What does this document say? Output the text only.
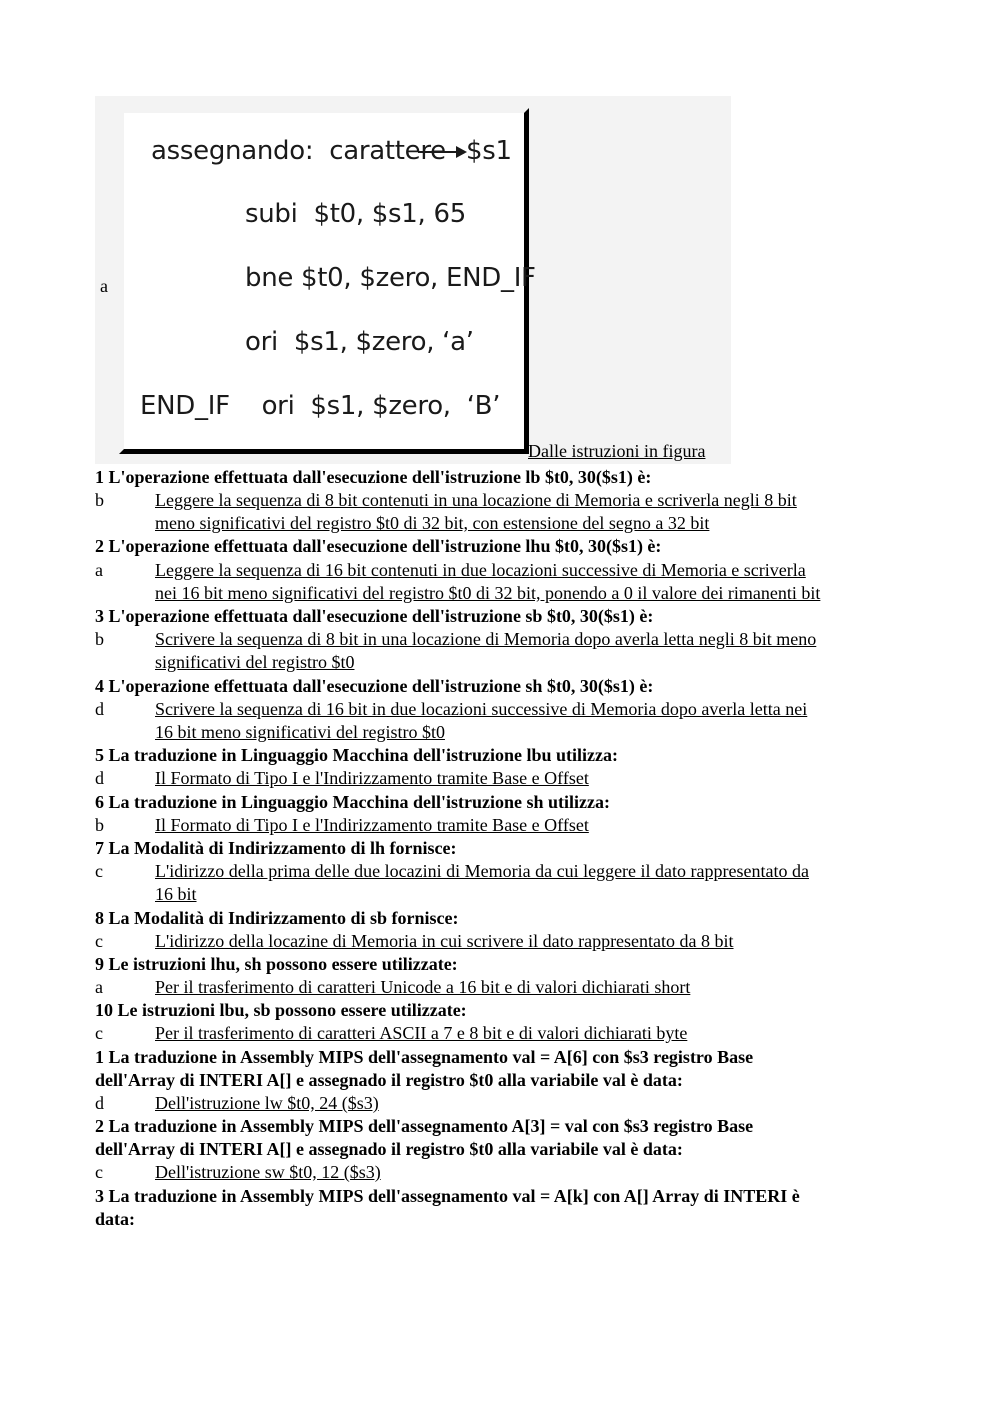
a
assegnando:  carattere $s1
subi  $t0, $s1, 65
bne $t0, $zero, END_IF
ori  $s1, $zero, ‘a’
END_IF    ori  $s1, $zero,  ‘B’
Dalle istruzioni in figura
1 L'operazione effettuata dall'esecuzione dell'istruzione lb $t0, 30($s1) è:
b	Leggere la sequenza di 8 bit contenuti in una locazione di Memoria e scriverla negli 8 bit
meno significativi del registro $t0 di 32 bit, con estensione del segno a 32 bit
2 L'operazione effettuata dall'esecuzione dell'istruzione lhu $t0, 30($s1) è:
a	Leggere la sequenza di 16 bit contenuti in due locazioni successive di Memoria e scriverla
nei 16 bit meno significativi del registro $t0 di 32 bit, ponendo a 0 il valore dei rimanenti bit
3 L'operazione effettuata dall'esecuzione dell'istruzione sb $t0, 30($s1) è:
b	Scrivere la sequenza di 8 bit in una locazione di Memoria dopo averla letta negli 8 bit meno
significativi del registro $t0
4 L'operazione effettuata dall'esecuzione dell'istruzione sh $t0, 30($s1) è:
d	Scrivere la sequenza di 16 bit in due locazioni successive di Memoria dopo averla letta nei
16 bit meno significativi del registro $t0
5 La traduzione in Linguaggio Macchina dell'istruzione lbu utilizza:
d	Il Formato di Tipo I e l'Indirizzamento tramite Base e Offset
6 La traduzione in Linguaggio Macchina dell'istruzione sh utilizza:
b	Il Formato di Tipo I e l'Indirizzamento tramite Base e Offset
7 La Modalità di Indirizzamento di lh fornisce:
c	L'idirizzo della prima delle due locazini di Memoria da cui leggere il dato rappresentato da
16 bit
8 La Modalità di Indirizzamento di sb fornisce:
c	L'idirizzo della locazine di Memoria in cui scrivere il dato rappresentato da 8 bit
9 Le istruzioni lhu, sh possono essere utilizzate:
a	Per il trasferimento di caratteri Unicode a 16 bit e di valori dichiarati short
10 Le istruzioni lbu, sb possono essere utilizzate:
c	Per il trasferimento di caratteri ASCII a 7 e 8 bit e di valori dichiarati byte
1 La traduzione in Assembly MIPS dell'assegnamento val = A[6] con $s3 registro Base
dell'Array di INTERI A[] e assegnado il registro $t0 alla variabile val è data:
d	Dell'istruzione lw $t0, 24 ($s3)
2 La traduzione in Assembly MIPS dell'assegnamento A[3] = val con $s3 registro Base
dell'Array di INTERI A[] e assegnado il registro $t0 alla variabile val è data:
c	Dell'istruzione sw $t0, 12 ($s3)
3 La traduzione in Assembly MIPS dell'assegnamento val = A[k] con A[] Array di INTERI è
data:
